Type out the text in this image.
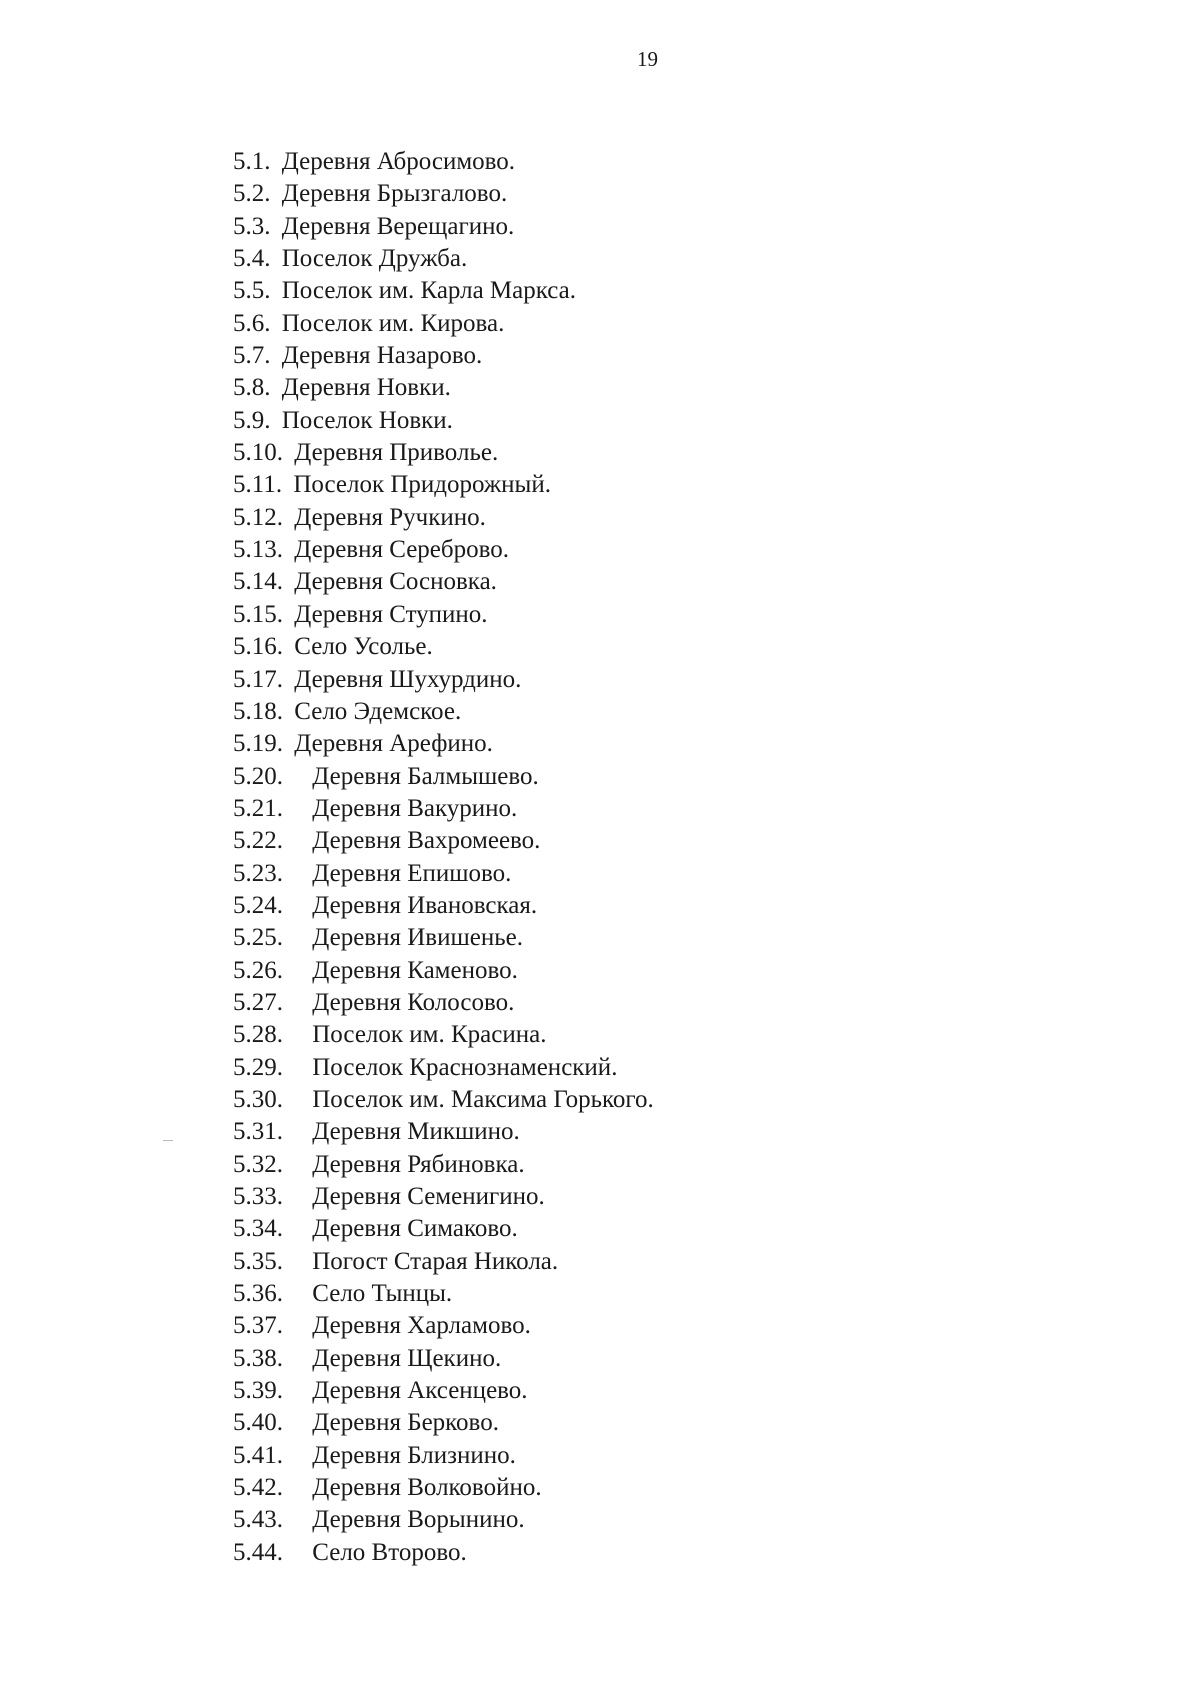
19
5.1. Деревня Абросимово.
5.2. Деревня Брызгалово.
5.3. Деревня Верещагино.
5.4. Поселок Дружба.
5.5. Поселок им. Карла Маркса.
5.6. Поселок им. Кирова.
5.7. Деревня Назарово.
5.8. Деревня Новки.
5.9. Поселок Новки.
5.10. Деревня Приволье.
5.11. Поселок Придорожный.
5.12. Деревня Ручкино.
5.13. Деревня Сереброво.
5.14. Деревня Сосновка.
5.15. Деревня Ступино.
5.16. Село Усолье.
5.17. Деревня Шухурдино.
5.18. Село Эдемское.
5.19. Деревня Арефино.
5.20. Деревня Балмышево.
5.21. Деревня Вакурино.
5.22. Деревня Вахромеево.
5.23. Деревня Епишово.
5.24. Деревня Ивановская.
5.25. Деревня Ивишенье.
5.26. Деревня Каменово.
5.27. Деревня Колосово.
5.28. Поселок им. Красина.
5.29. Поселок Краснознаменский.
5.30. Поселок им. Максима Горького.
5.31. Деревня Микшино.
5.32. Деревня Рябиновка.
5.33. Деревня Семенигино.
5.34. Деревня Симаково.
5.35. Погост Старая Никола.
5.36. Село Тынцы.
5.37. Деревня Харламово.
5.38. Деревня Щекино.
5.39. Деревня Аксенцево.
5.40. Деревня Берково.
5.41. Деревня Близнино.
5.42. Деревня Волковойно.
5.43. Деревня Ворынино.
5.44. Село Второво.
